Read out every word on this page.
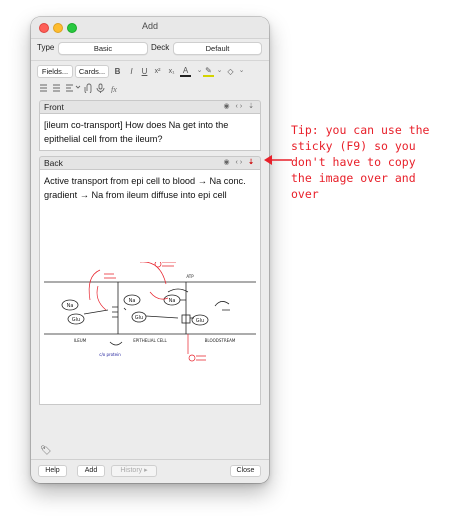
Add
Type	Basic	Deck	Default
Fields...	Cards...	B	I	U	x²	x₁	A	⌄ ✎ ⌄ ◇ ⌄
fx
Front	◉ ‹› ⇣
[ileum co-transport] How does Na get into the epithelial cell from the ileum?
Back	◉ ‹› ⇣
Active transport from epi cell to blood → Na conc. gradient → Na from ileum diffuse into epi cell
Na
Glu
Na
Glu
Na
Glu
ILEUM	EPITHELIAL CELL	BLOODSTREAM
c/o protein
ATP
🏷
Help	Add	History ▸	Close
Tip: you can use the
sticky (F9) so you
don't have to copy
the image over and
over
